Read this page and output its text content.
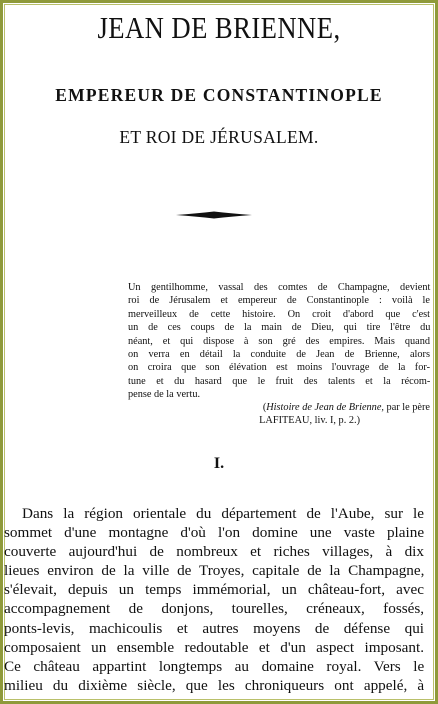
JEAN DE BRIENNE,
EMPEREUR DE CONSTANTINOPLE
ET ROI DE JÉRUSALEM.
Un gentilhomme, vassal des comtes de Champagne, devient
roi de Jérusalem et empereur de Constantinople : voilà le
merveilleux de cette histoire. On croit d'abord que c'est
un de ces coups de la main de Dieu, qui tire l'être du
néant, et qui dispose à son gré des empires. Mais quand
on verra en détail la conduite de Jean de Brienne, alors
on croira que son élévation est moins l'ouvrage de la for-
tune et du hasard que le fruit des talents et la récom-
pense de la vertu.
(Histoire de Jean de Brienne, par le père
LAFITEAU, liv. I, p. 2.)
I.
Dans la région orientale du département de l'Aube, sur le
sommet d'une montagne d'où l'on domine une vaste plaine
couverte aujourd'hui de nombreux et riches villages, à dix
lieues environ de la ville de Troyes, capitale de la Champagne,
s'élevait, depuis un temps immémorial, un château-fort, avec
accompagnement de donjons, tourelles, créneaux, fossés,
ponts-levis, machicoulis et autres moyens de défense qui
composaient un ensemble redoutable et d'un aspect imposant.
Ce château appartint longtemps au domaine royal. Vers le
milieu du dixième siècle, que les chroniqueurs ont appelé, à
